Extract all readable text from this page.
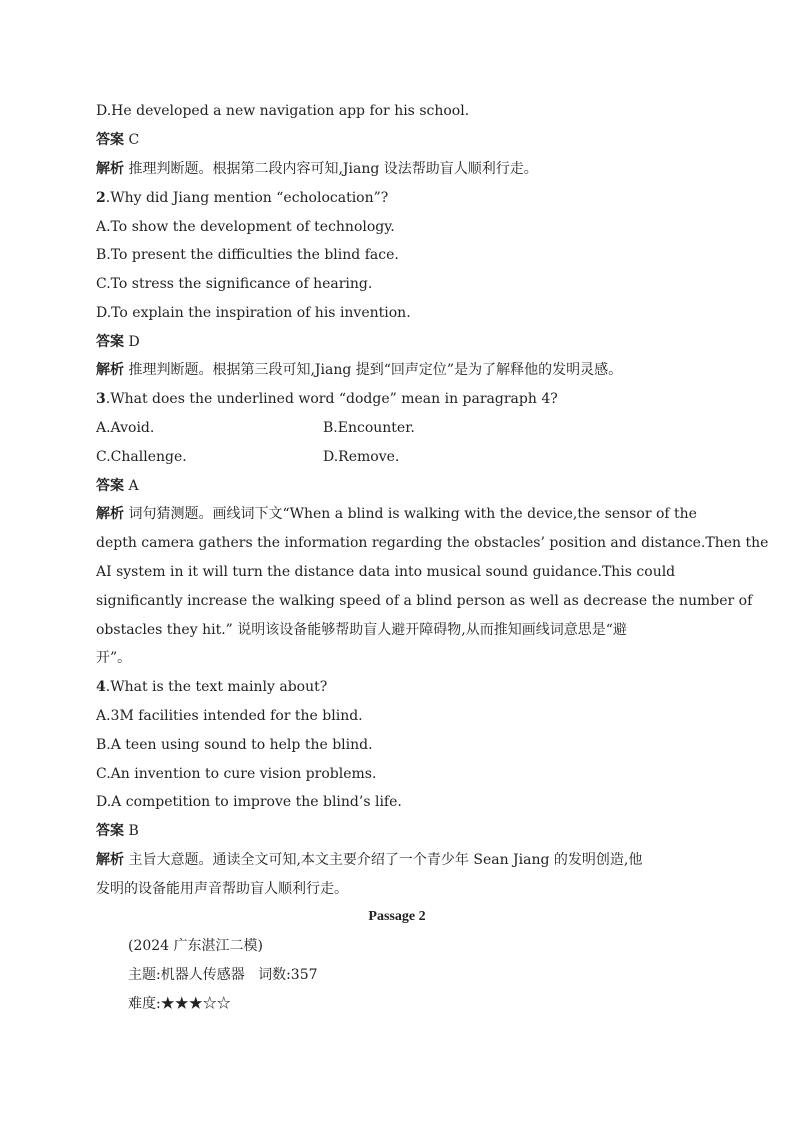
D.He developed a new navigation app for his school.
答案 C
解析 推理判断题。根据第二段内容可知,Jiang 设法帮助盲人顺利行走。
2.Why did Jiang mention “echolocation”?
A.To show the development of technology.
B.To present the difficulties the blind face.
C.To stress the significance of hearing.
D.To explain the inspiration of his invention.
答案 D
解析 推理判断题。根据第三段可知,Jiang 提到“回声定位”是为了解释他的发明灵感。
3.What does the underlined word “dodge” mean in paragraph 4?
A.Avoid.	B.Encounter.
C.Challenge.	D.Remove.
答案 A
解析 词句猜测题。画线词下文“When a blind is walking with the device,the sensor of the
depth camera gathers the information regarding the obstacles’ position and distance.Then the
AI system in it will turn the distance data into musical sound guidance.This could
significantly increase the walking speed of a blind person as well as decrease the number of
obstacles they hit.” 说明该设备能够帮助盲人避开障碍物,从而推知画线词意思是“避
开”。
4.What is the text mainly about?
A.3M facilities intended for the blind.
B.A teen using sound to help the blind.
C.An invention to cure vision problems.
D.A competition to improve the blind’s life.
答案 B
解析 主旨大意题。通读全文可知,本文主要介绍了一个青少年 Sean Jiang 的发明创造,他
发明的设备能用声音帮助盲人顺利行走。
Passage 2
(2024 广东湛江二模)
主题:机器人传感器 词数:357
难度:★★★☆☆
